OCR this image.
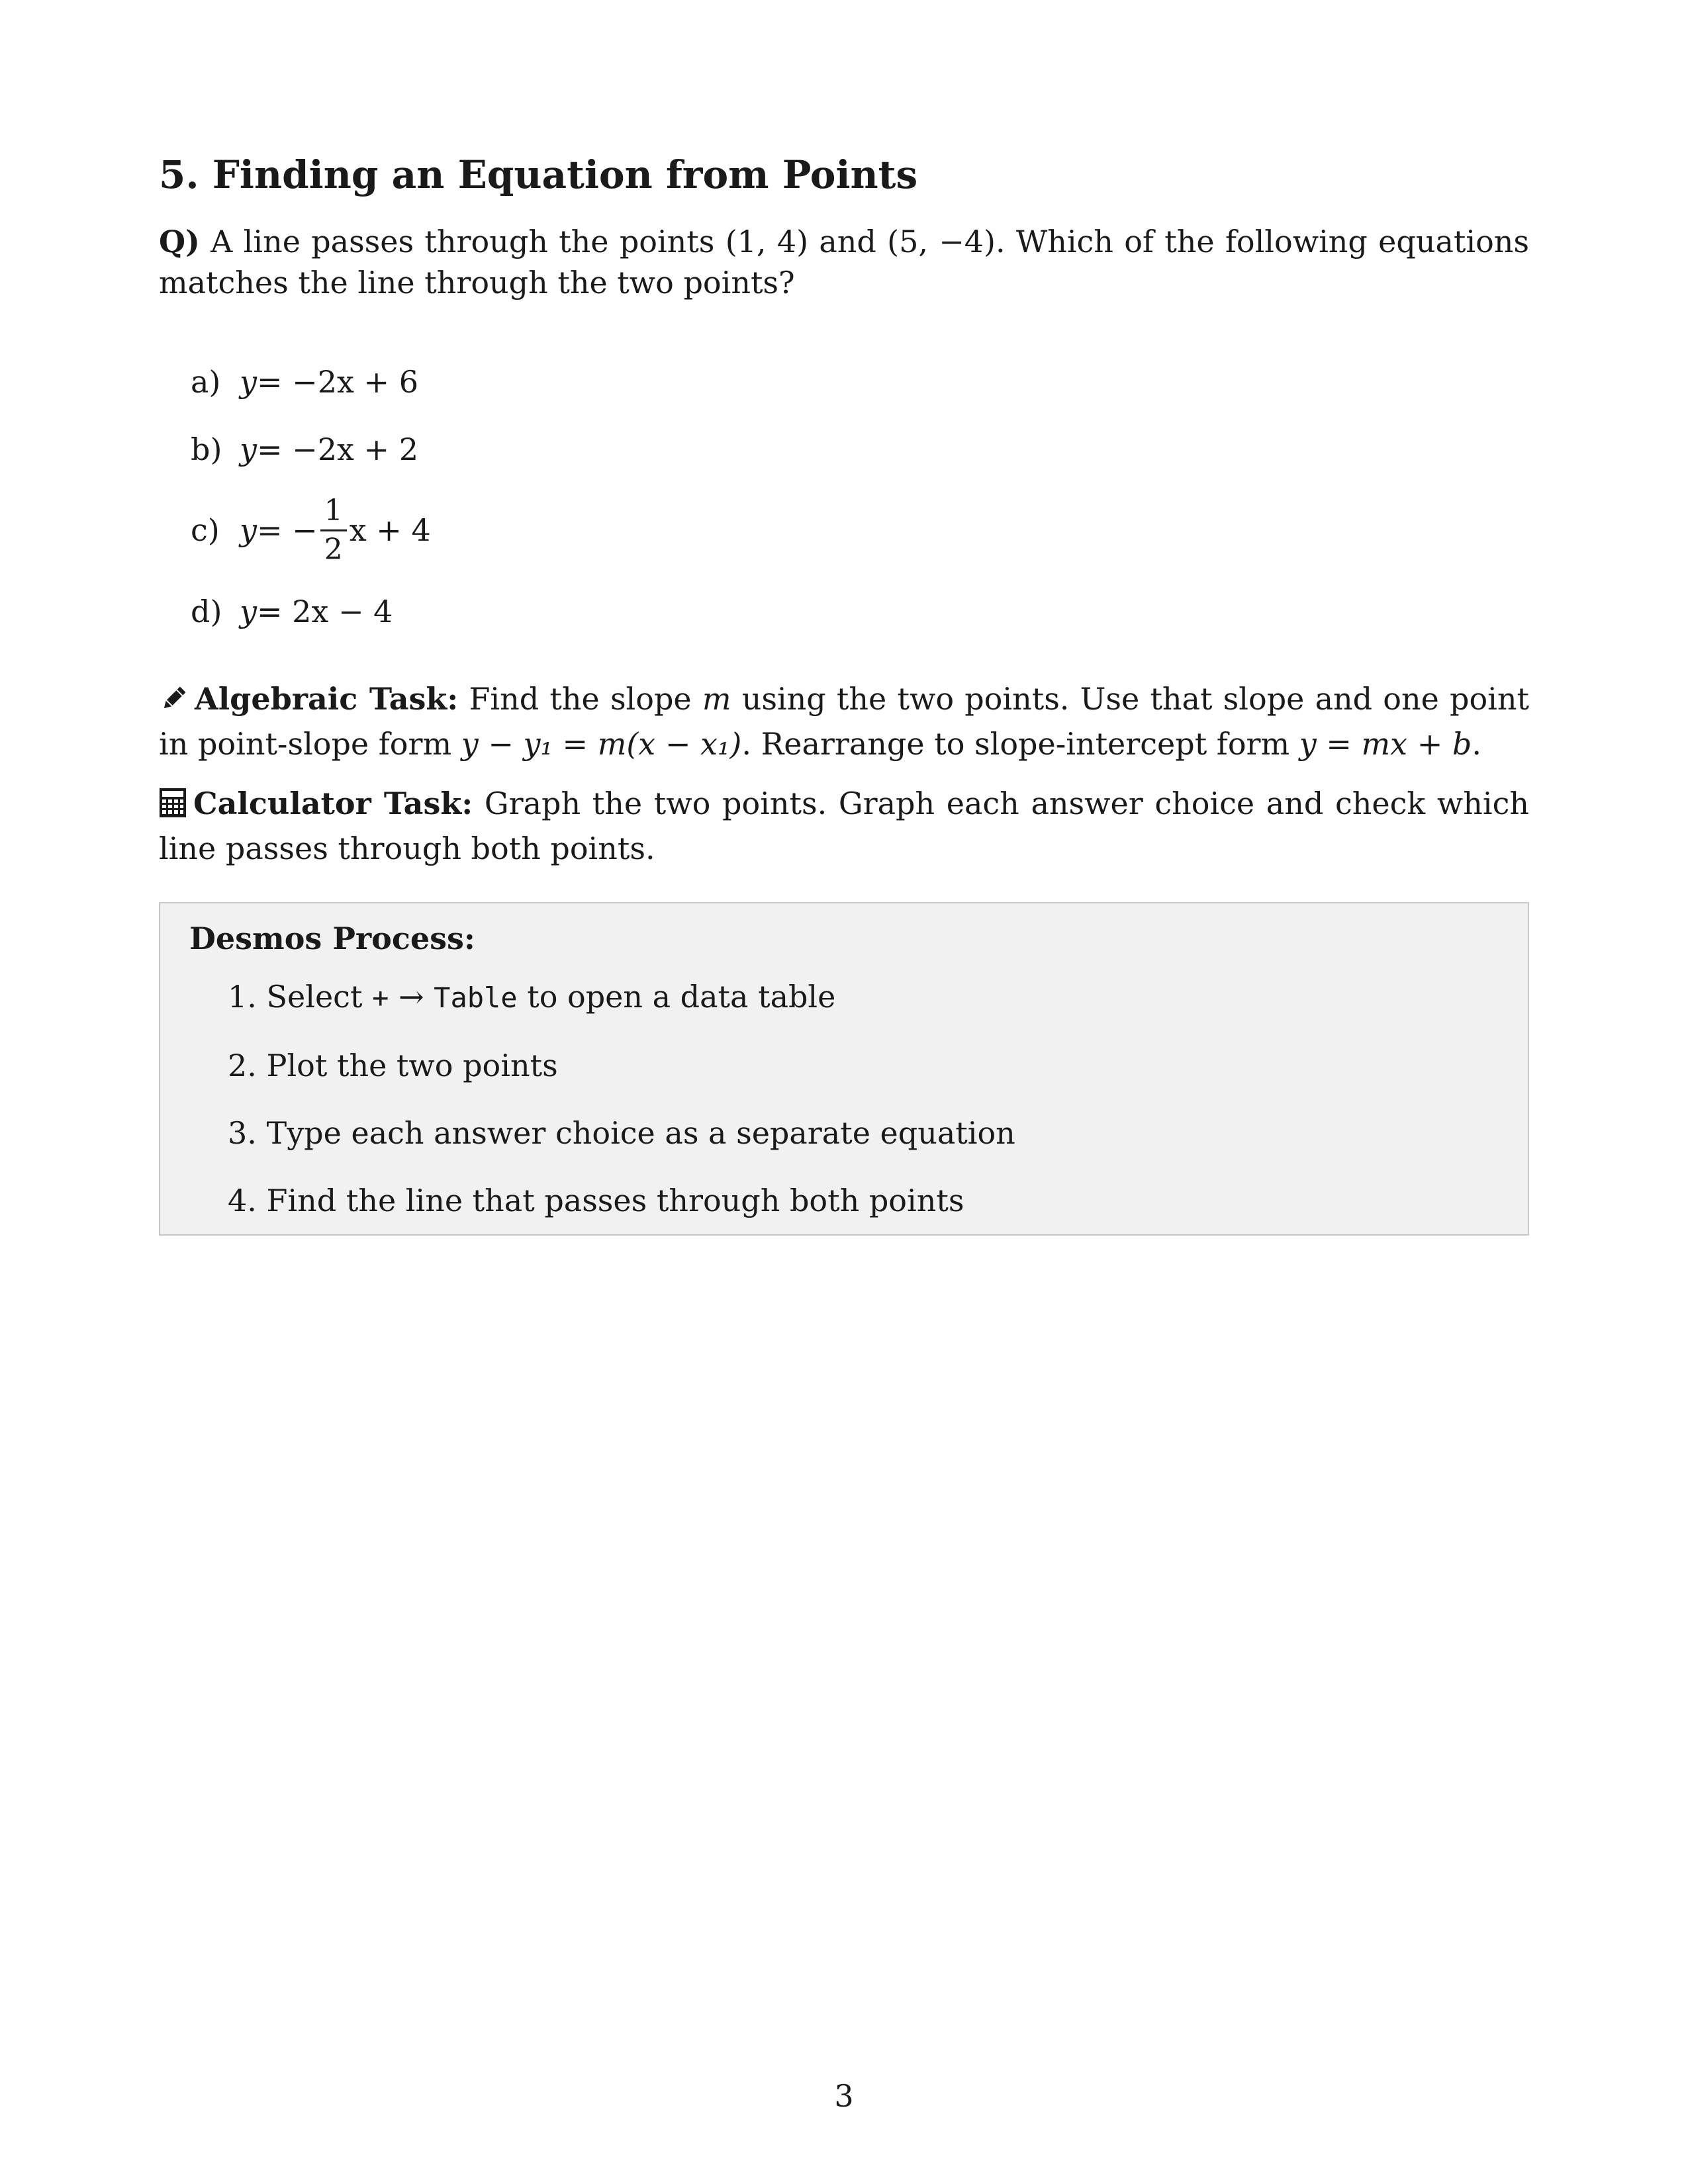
5. Finding an Equation from Points

Q) A line passes through the points (1, 4) and (5, −4). Which of the following equations matches the line through the two points?

a) y = −2x + 6
b) y = −2x + 2
c) y = − $\frac{1}{2}$ x + 4
d) y = 2x − 4

Algebraic Task: Find the slope m using the two points. Use that slope and one point in point-slope form y − y₁ = m(x − x₁). Rearrange to slope-intercept form y = mx + b.

Calculator Task: Graph the two points. Graph each answer choice and check which line passes through both points.

Desmos Process:
1. Select + → Table to open a data table
2. Plot the two points
3. Type each answer choice as a separate equation
4. Find the line that passes through both points
3
